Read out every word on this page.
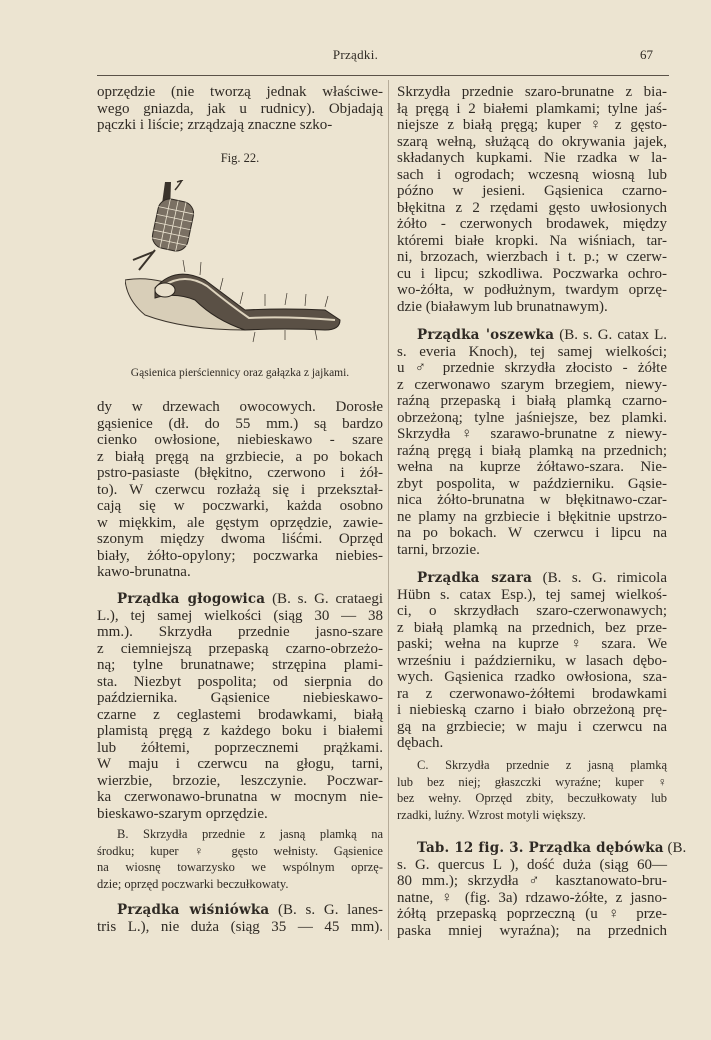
Prządki.	67
Fig. 22.
Gąsienica pierściennicy oraz gałązka z jajkami.
oprzędzie (nie tworzą jednak właściwe-
wego gniazda, jak u rudnicy). Objadają
pączki i liście; zrządzają znaczne szko-
dy w drzewach owocowych. Dorosłe
gąsienice (dł. do 55 mm.) są bardzo
cienko owłosione, niebieskawo - szare
z białą pręgą na grzbiecie, a po bokach
pstro-pasiaste (błękitno, czerwono i żół-
to). W czerwcu rozłażą się i przekształ-
cają się w poczwarki, każda osobno
w miękkim, ale gęstym oprzędzie, zawie-
szonym między dwoma liśćmi. Oprzęd
biały, żółto-opylony; poczwarka niebies-
kawo-brunatna.
Prządka głogowica (B. s. G. crataegi
L.), tej samej wielkości (siąg 30 — 38
mm.). Skrzydła przednie jasno-szare
z ciemniejszą przepaską czarno-obrzeżo-
ną; tylne brunatnawe; strzępina plami-
sta. Niezbyt pospolita; od sierpnia do
października. Gąsienice niebieskawo-
czarne z ceglastemi brodawkami, białą
plamistą pręgą z każdego boku i białemi
lub żółtemi, poprzecznemi prążkami.
W maju i czerwcu na głogu, tarni,
wierzbie, brzozie, leszczynie. Poczwar-
ka czerwonawo-brunatna w mocnym nie-
bieskawo-szarym oprzędzie.
B. Skrzydła przednie z jasną plamką na
środku; kuper ♀ gęsto wełnisty. Gąsienice
na wiosnę towarzysko we wspólnym oprzę-
dzie; oprzęd poczwarki beczułkowaty.
Prządka wiśniówka (B. s. G. lanes-
tris L.), nie duża (siąg 35 — 45 mm).
Skrzydła przednie szaro-brunatne z bia-
łą pręgą i 2 białemi plamkami; tylne jaś-
niejsze z białą pręgą; kuper ♀ z gęsto-
szarą wełną, służącą do okrywania jajek,
składanych kupkami. Nie rzadka w la-
sach i ogrodach; wczesną wiosną lub
późno w jesieni. Gąsienica czarno-
błękitna z 2 rzędami gęsto uwłosionych
żółto - czerwonych brodawek, między
któremi białe kropki. Na wiśniach, tar-
ni, brzozach, wierzbach i t. p.; w czerw-
cu i lipcu; szkodliwa. Poczwarka ochro-
wo-żółta, w podłużnym, twardym oprzę-
dzie (białawym lub brunatnawym).
Prządka 'oszewka (B. s. G. catax L.
s. everia Knoch), tej samej wielkości;
u ♂ przednie skrzydła złocisto - żółte
z czerwonawo szarym brzegiem, niewy-
raźną przepaską i białą plamką czarno-
obrzeżoną; tylne jaśniejsze, bez plamki.
Skrzydła ♀ szarawo-brunatne z niewy-
raźną pręgą i białą plamką na przednich;
wełna na kuprze żółtawo-szara. Nie-
zbyt pospolita, w październiku. Gąsie-
nica żółto-brunatna w błękitnawo-czar-
ne plamy na grzbiecie i błękitnie upstrzo-
na po bokach. W czerwcu i lipcu na
tarni, brzozie.
Prządka szara (B. s. G. rimicola
Hübn s. catax Esp.), tej samej wielkoś-
ci, o skrzydłach szaro-czerwonawych;
z białą plamką na przednich, bez prze-
paski; wełna na kuprze ♀ szara. We
wrześniu i październiku, w lasach dębo-
wych. Gąsienica rzadko owłosiona, sza-
ra z czerwonawo-żółtemi brodawkami
i niebieską czarno i biało obrzeżoną prę-
gą na grzbiecie; w maju i czerwcu na
dębach.
C. Skrzydła przednie z jasną plamką
lub bez niej; głaszczki wyraźne; kuper ♀
bez wełny. Oprzęd zbity, beczułkowaty lub
rzadki, luźny. Wzrost motyli większy.
Tab. 12 fig. 3. Prządka dębówka (B.
s. G. quercus L ), dość duża (siąg 60—
80 mm.); skrzydła ♂ kasztanowato-bru-
natne, ♀ (fig. 3a) rdzawo-żółte, z jasno-
żółtą przepaską poprzeczną (u ♀ prze-
paska mniej wyraźna); na przednich
